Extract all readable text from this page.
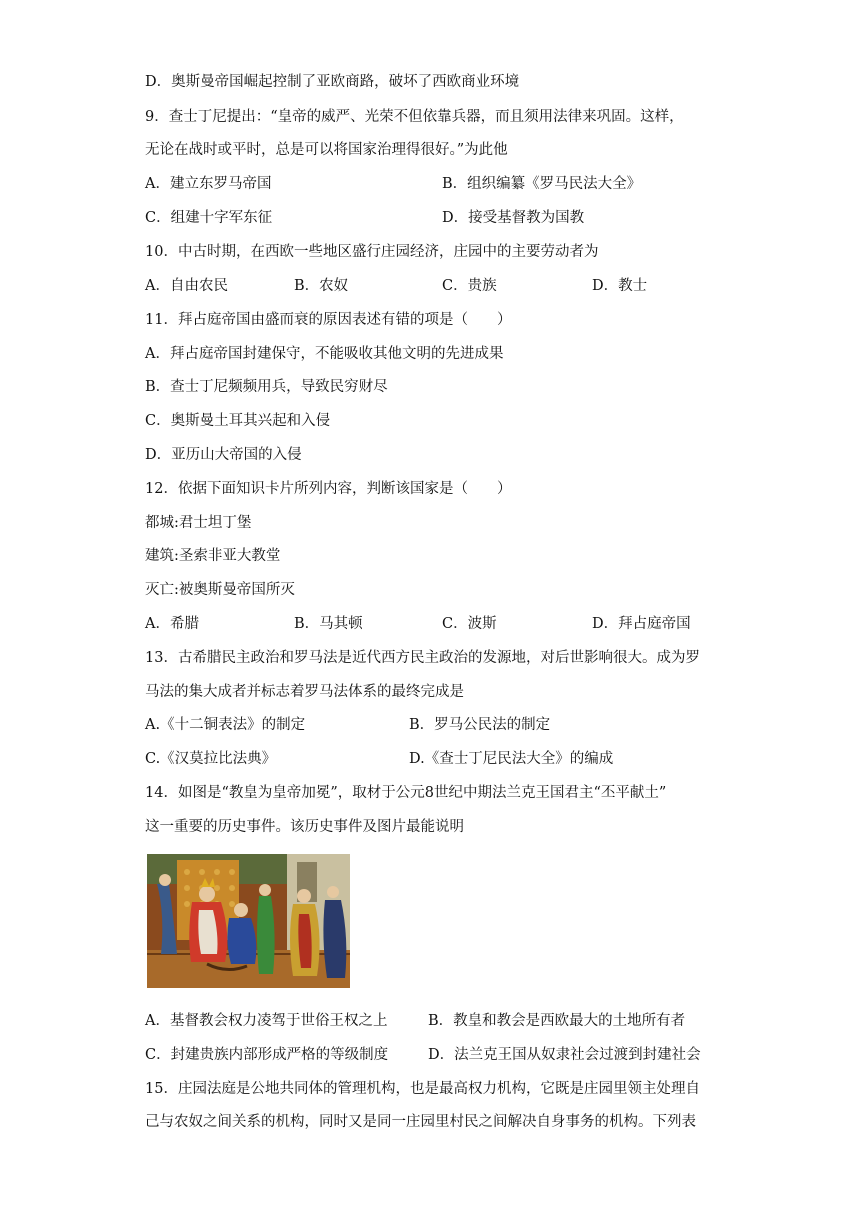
D．奥斯曼帝国崛起控制了亚欧商路，破坏了西欧商业环境
9．查士丁尼提出：“皇帝的威严、光荣不但依靠兵器，而且须用法律来巩固。这样，
无论在战时或平时，总是可以将国家治理得很好。”为此他
A．建立东罗马帝国	B．组织编纂《罗马民法大全》
C．组建十字军东征	D．接受基督教为国教
10．中古时期，在西欧一些地区盛行庄园经济，庄园中的主要劳动者为
A．自由农民	B．农奴	C．贵族	D．教士
11．拜占庭帝国由盛而衰的原因表述有错的项是（　　）
A．拜占庭帝国封建保守，不能吸收其他文明的先进成果
B．查士丁尼频频用兵，导致民穷财尽
C．奥斯曼土耳其兴起和入侵
D．亚历山大帝国的入侵
12．依据下面知识卡片所列内容，判断该国家是（　　）
都城:君士坦丁堡
建筑:圣索非亚大教堂
灭亡:被奥斯曼帝国所灭
A．希腊	B．马其顿	C．波斯	D．拜占庭帝国
13．古希腊民主政治和罗马法是近代西方民主政治的发源地，对后世影响很大。成为罗
马法的集大成者并标志着罗马法体系的最终完成是
A.《十二铜表法》的制定	B．罗马公民法的制定
C.《汉莫拉比法典》	D.《查士丁尼民法大全》的编成
14．如图是“教皇为皇帝加冕”，取材于公元8世纪中期法兰克王国君主“丕平献土”
这一重要的历史事件。该历史事件及图片最能说明
A．基督教会权力凌驾于世俗王权之上	B．教皇和教会是西欧最大的土地所有者
C．封建贵族内部形成严格的等级制度	D．法兰克王国从奴隶社会过渡到封建社会
15．庄园法庭是公地共同体的管理机构，也是最高权力机构，它既是庄园里领主处理自
己与农奴之间关系的机构，同时又是同一庄园里村民之间解决自身事务的机构。下列表
